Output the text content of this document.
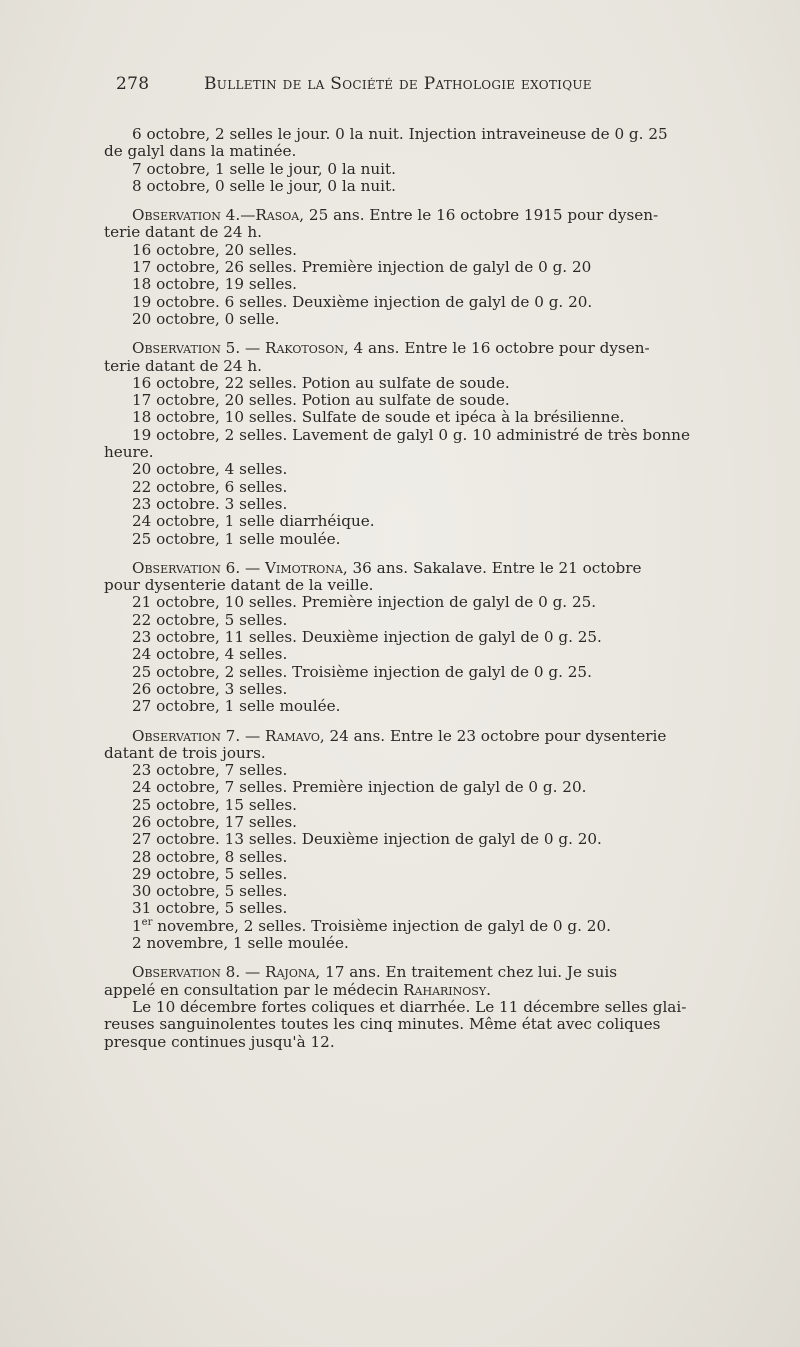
278	Bulletin de la Société de Pathologie exotique
6 octobre, 2 selles le jour. 0 la nuit. Injection intraveineuse de 0 g. 25
de galyl dans la matinée.
7 octobre, 1 selle le jour, 0 la nuit.
8 octobre, 0 selle le jour, 0 la nuit.
Observation 4.—Rasoa, 25 ans. Entre le 16 octobre 1915 pour dysen-
terie datant de 24 h.
16 octobre, 20 selles.
17 octobre, 26 selles. Première injection de galyl de 0 g. 20
18 octobre, 19 selles.
19 octobre. 6 selles. Deuxième injection de galyl de 0 g. 20.
20 octobre, 0 selle.
Observation 5. — Rakotoson, 4 ans. Entre le 16 octobre pour dysen-
terie datant de 24 h.
16 octobre, 22 selles. Potion au sulfate de soude.
17 octobre, 20 selles. Potion au sulfate de soude.
18 octobre, 10 selles. Sulfate de soude et ipéca à la brésilienne.
19 octobre, 2 selles. Lavement de galyl 0 g. 10 administré de très bonne
heure.
20 octobre, 4 selles.
22 octobre, 6 selles.
23 octobre. 3 selles.
24 octobre, 1 selle diarrhéique.
25 octobre, 1 selle moulée.
Observation 6. — Vimotrona, 36 ans. Sakalave. Entre le 21 octobre
pour dysenterie datant de la veille.
21 octobre, 10 selles. Première injection de galyl de 0 g. 25.
22 octobre, 5 selles.
23 octobre, 11 selles. Deuxième injection de galyl de 0 g. 25.
24 octobre, 4 selles.
25 octobre, 2 selles. Troisième injection de galyl de 0 g. 25.
26 octobre, 3 selles.
27 octobre, 1 selle moulée.
Observation 7. — Ramavo, 24 ans. Entre le 23 octobre pour dysenterie
datant de trois jours.
23 octobre, 7 selles.
24 octobre, 7 selles. Première injection de galyl de 0 g. 20.
25 octobre, 15 selles.
26 octobre, 17 selles.
27 octobre. 13 selles. Deuxième injection de galyl de 0 g. 20.
28 octobre, 8 selles.
29 octobre, 5 selles.
30 octobre, 5 selles.
31 octobre, 5 selles.
1er novembre, 2 selles. Troisième injection de galyl de 0 g. 20.
2 novembre, 1 selle moulée.
Observation 8. — Rajona, 17 ans. En traitement chez lui. Je suis
appelé en consultation par le médecin Raharinosy.
Le 10 décembre fortes coliques et diarrhée. Le 11 décembre selles glai-
reuses sanguinolentes toutes les cinq minutes. Même état avec coliques
presque continues jusqu'à 12.
